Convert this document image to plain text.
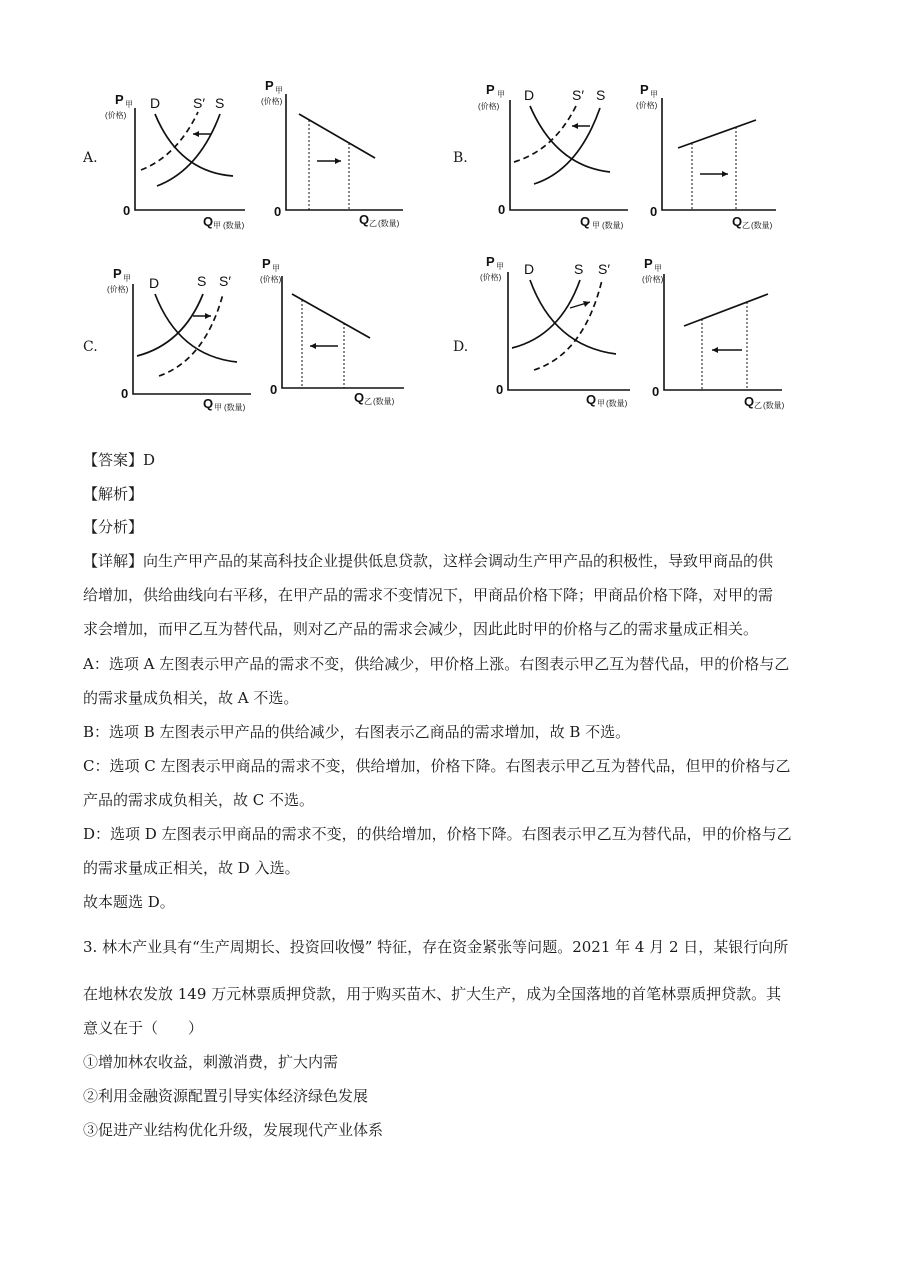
A.
P 甲
(价格)
0
Q 甲 (数量)
D S′ S
P 甲
(价格)
0
Q 乙 (数量)
B.
P 甲
(价格)
0
Q 甲 (数量)
D	S′ S	P 甲
(价格)
0
Q 乙 (数量)
C.
P 甲
(价格)
0
Q 甲 (数量)
D	S S′
P 甲
(价格)
0
Q 乙 (数量)
D.
P 甲
(价格)
0
Q 甲 (数量)
D	S S′	P 甲
(价格)
0
Q 乙 (数量)
【答案】D
【解析】
【分析】
【详解】向生产甲产品的某高科技企业提供低息贷款，这样会调动生产甲产品的积极性，导致甲商品的供
给增加，供给曲线向右平移，在甲产品的需求不变情况下，甲商品价格下降；甲商品价格下降，对甲的需
求会增加，而甲乙互为替代品，则对乙产品的需求会减少，因此此时甲的价格与乙的需求量成正相关。
A：选项 A 左图表示甲产品的需求不变，供给减少，甲价格上涨。右图表示甲乙互为替代品，甲的价格与乙
的需求量成负相关，故 A 不选。
B：选项 B 左图表示甲产品的供给减少，右图表示乙商品的需求增加，故 B 不选。
C：选项 C 左图表示甲商品的需求不变，供给增加，价格下降。右图表示甲乙互为替代品，但甲的价格与乙
产品的需求成负相关，故 C 不选。
D：选项 D 左图表示甲商品的需求不变，的供给增加，价格下降。右图表示甲乙互为替代品，甲的价格与乙
的需求量成正相关，故 D 入选。
故本题选 D。
3. 林木产业具有“生产周期长、投资回收慢” 特征，存在资金紧张等问题。2021 年 4 月 2 日，某银行向所
在地林农发放 149 万元林票质押贷款，用于购买苗木、扩大生产，成为全国落地的首笔林票质押贷款。其
意义在于（　　）
①增加林农收益，刺激消费，扩大内需
②利用金融资源配置引导实体经济绿色发展
③促进产业结构优化升级，发展现代产业体系
